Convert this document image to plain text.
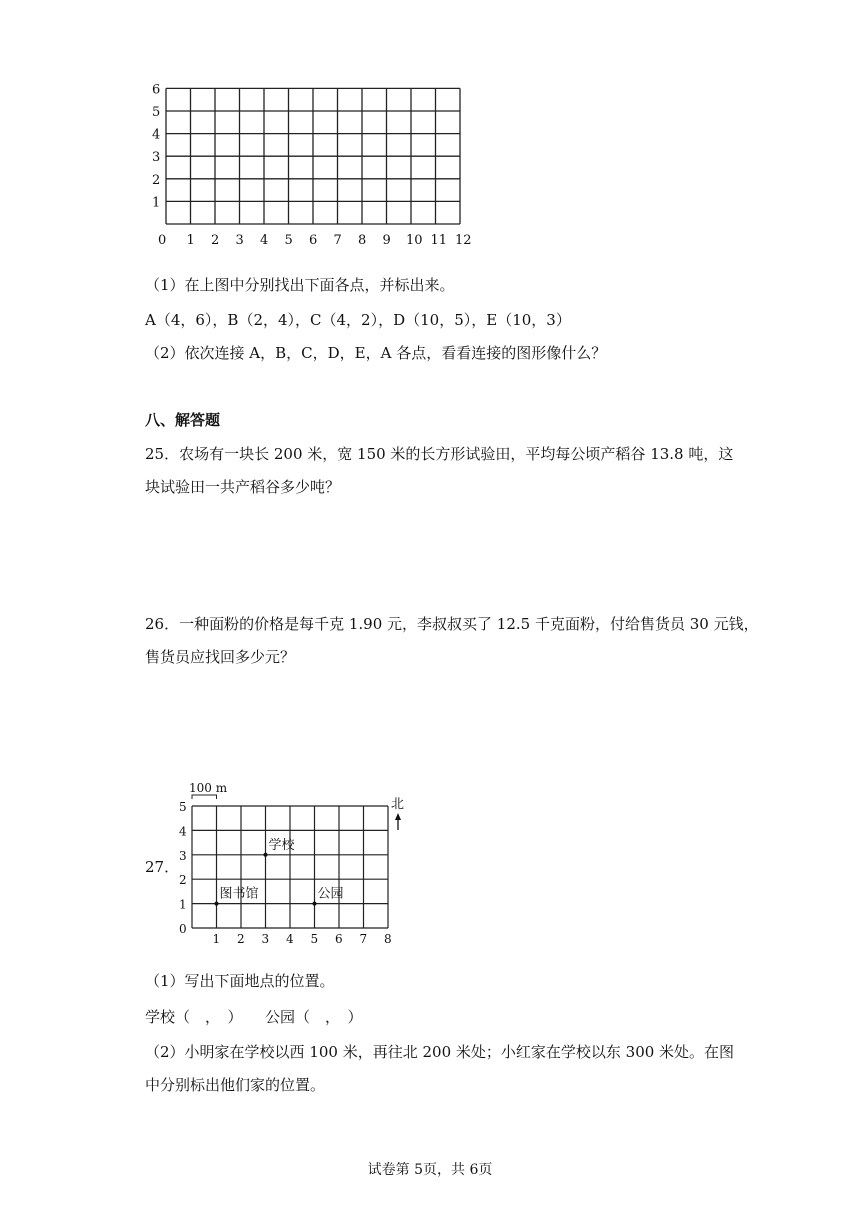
6
5
4
3
2
1
0 1 2 3 4 5 6 7 8 9 10 11 12
（1）在上图中分别找出下面各点，并标出来。
A（4，6），B（2，4），C（4，2），D（10，5），E（10，3）
（2）依次连接 A，B，C，D，E，A 各点，看看连接的图形像什么？
八、解答题
25．农场有一块长 200 米，宽 150 米的长方形试验田，平均每公顷产稻谷 13.8 吨，这
块试验田一共产稻谷多少吨？
26．一种面粉的价格是每千克 1.90 元，李叔叔买了 12.5 千克面粉，付给售货员 30 元钱，
售货员应找回多少元？
27．
5
4
3
2
1
0
1 2 3 4 5 6 7 8
学校
图书馆	公园
100 m
北
（1）写出下面地点的位置。
学校（　，　）　　公园（　，　）
（2）小明家在学校以西 100 米，再往北 200 米处；小红家在学校以东 300 米处。在图
中分别标出他们家的位置。
试卷第 5页，共 6页
